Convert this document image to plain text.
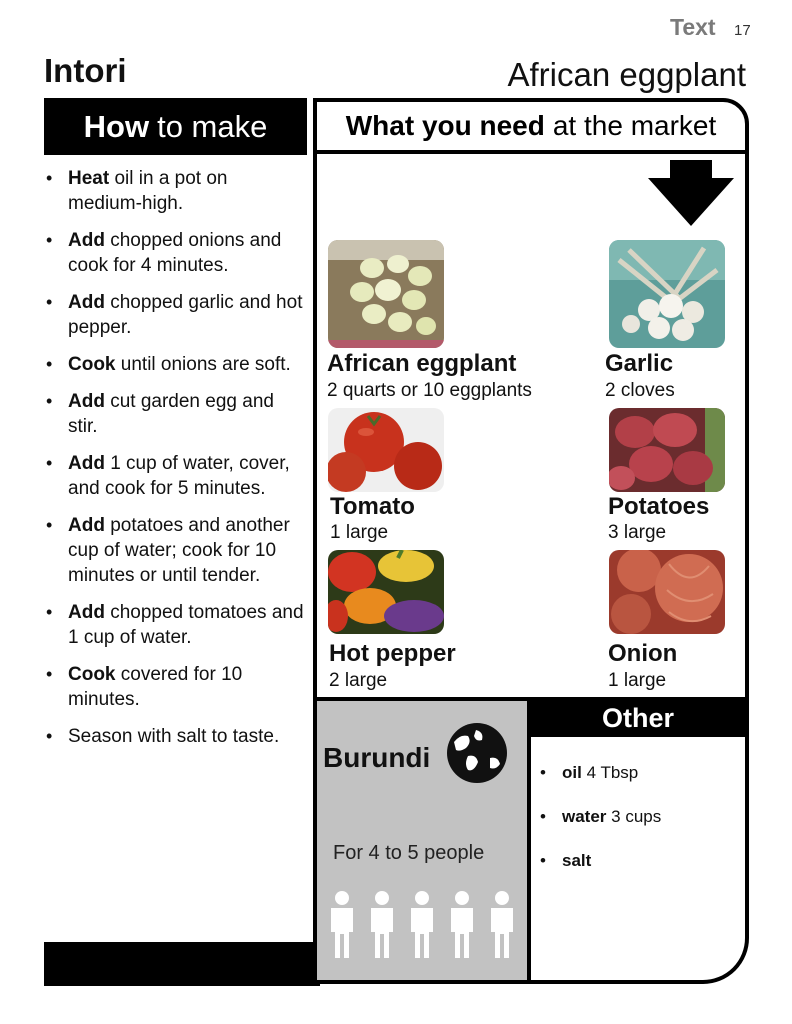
Text 17
Intori	African eggplant
How to make
• Heat oil in a pot on medium-high.
• Add chopped onions and cook for 4 minutes.
• Add chopped garlic and hot pepper.
• Cook until onions are soft.
• Add cut garden egg and stir.
• Add 1 cup of water, cover, and cook for 5 minutes.
• Add potatoes and another cup of water; cook for 10 minutes or until tender.
• Add chopped tomatoes and 1 cup of water.
• Cook covered for 10 minutes.
• Season with salt to taste.
What you need at the market
African eggplant
2 quarts or 10 eggplants
Garlic
2 cloves
Tomato
1 large
Potatoes
3 large
Hot pepper
2 large
Onion
1 large
Burundi
For 4 to 5 people
Other
• oil 4 Tbsp
• water 3 cups
• salt
